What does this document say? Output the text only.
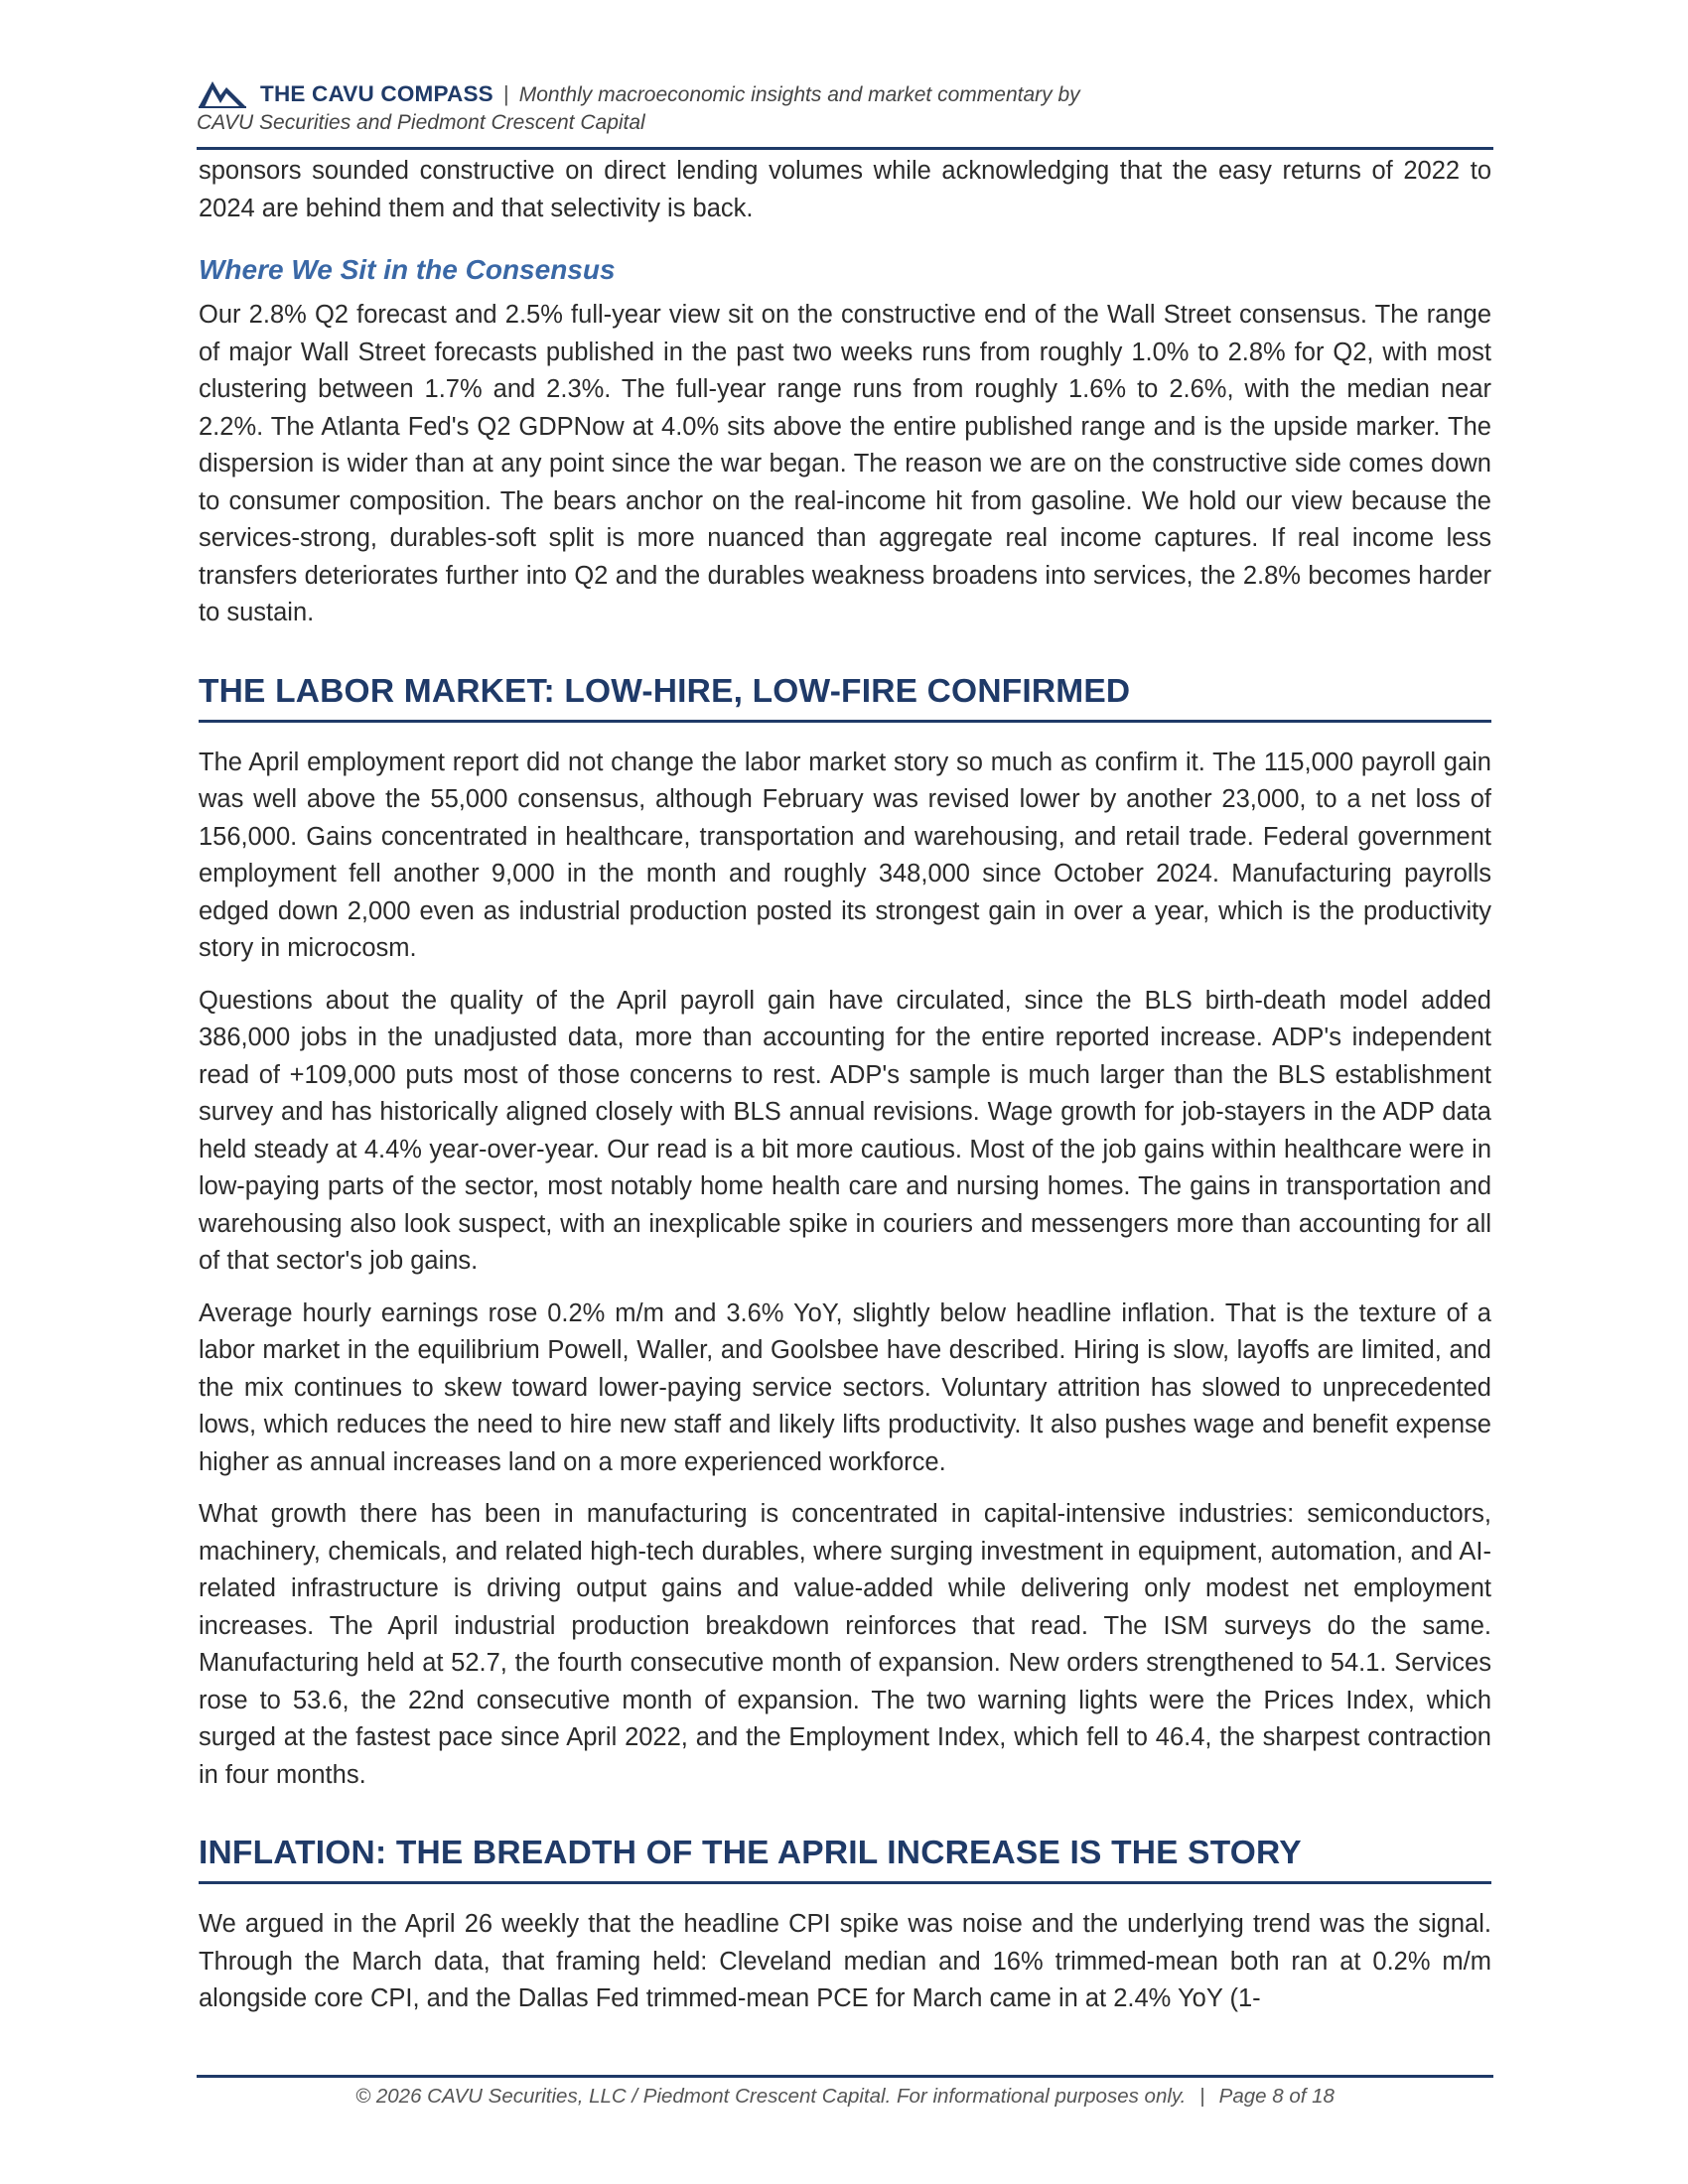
THE CAVU COMPASS | Monthly macroeconomic insights and market commentary by
CAVU Securities and Piedmont Crescent Capital

sponsors sounded constructive on direct lending volumes while acknowledging that the easy returns of 2022 to 2024 are behind them and that selectivity is back.

Where We Sit in the Consensus

Our 2.8% Q2 forecast and 2.5% full-year view sit on the constructive end of the Wall Street consensus. The range of major Wall Street forecasts published in the past two weeks runs from roughly 1.0% to 2.8% for Q2, with most clustering between 1.7% and 2.3%. The full-year range runs from roughly 1.6% to 2.6%, with the median near 2.2%. The Atlanta Fed's Q2 GDPNow at 4.0% sits above the entire published range and is the upside marker. The dispersion is wider than at any point since the war began. The reason we are on the constructive side comes down to consumer composition. The bears anchor on the real-income hit from gasoline. We hold our view because the services-strong, durables-soft split is more nuanced than aggregate real income captures. If real income less transfers deteriorates further into Q2 and the durables weakness broadens into services, the 2.8% becomes harder to sustain.

THE LABOR MARKET: LOW-HIRE, LOW-FIRE CONFIRMED

The April employment report did not change the labor market story so much as confirm it. The 115,000 payroll gain was well above the 55,000 consensus, although February was revised lower by another 23,000, to a net loss of 156,000. Gains concentrated in healthcare, transportation and warehousing, and retail trade. Federal government employment fell another 9,000 in the month and roughly 348,000 since October 2024. Manufacturing payrolls edged down 2,000 even as industrial production posted its strongest gain in over a year, which is the productivity story in microcosm.

Questions about the quality of the April payroll gain have circulated, since the BLS birth-death model added 386,000 jobs in the unadjusted data, more than accounting for the entire reported increase. ADP's independent read of +109,000 puts most of those concerns to rest. ADP's sample is much larger than the BLS establishment survey and has historically aligned closely with BLS annual revisions. Wage growth for job-stayers in the ADP data held steady at 4.4% year-over-year. Our read is a bit more cautious. Most of the job gains within healthcare were in low-paying parts of the sector, most notably home health care and nursing homes. The gains in transportation and warehousing also look suspect, with an inexplicable spike in couriers and messengers more than accounting for all of that sector's job gains.

Average hourly earnings rose 0.2% m/m and 3.6% YoY, slightly below headline inflation. That is the texture of a labor market in the equilibrium Powell, Waller, and Goolsbee have described. Hiring is slow, layoffs are limited, and the mix continues to skew toward lower-paying service sectors. Voluntary attrition has slowed to unprecedented lows, which reduces the need to hire new staff and likely lifts productivity. It also pushes wage and benefit expense higher as annual increases land on a more experienced workforce.

What growth there has been in manufacturing is concentrated in capital-intensive industries: semiconductors, machinery, chemicals, and related high-tech durables, where surging investment in equipment, automation, and AI-related infrastructure is driving output gains and value-added while delivering only modest net employment increases. The April industrial production breakdown reinforces that read. The ISM surveys do the same. Manufacturing held at 52.7, the fourth consecutive month of expansion. New orders strengthened to 54.1. Services rose to 53.6, the 22nd consecutive month of expansion. The two warning lights were the Prices Index, which surged at the fastest pace since April 2022, and the Employment Index, which fell to 46.4, the sharpest contraction in four months.

INFLATION: THE BREADTH OF THE APRIL INCREASE IS THE STORY

We argued in the April 26 weekly that the headline CPI spike was noise and the underlying trend was the signal. Through the March data, that framing held: Cleveland median and 16% trimmed-mean both ran at 0.2% m/m alongside core CPI, and the Dallas Fed trimmed-mean PCE for March came in at 2.4% YoY (1-

© 2026 CAVU Securities, LLC / Piedmont Crescent Capital. For informational purposes only. | Page 8 of 18
